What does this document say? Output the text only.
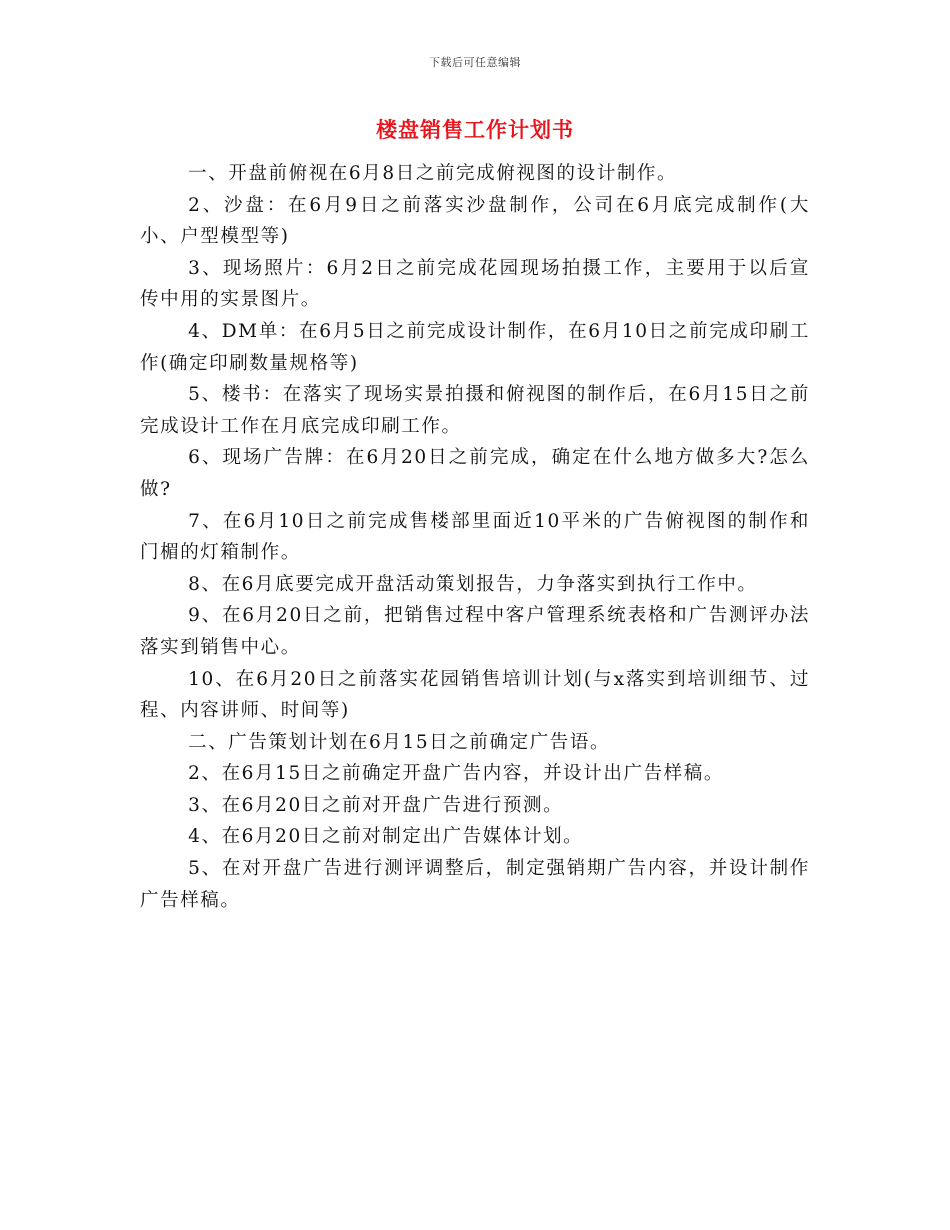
下载后可任意编辑
楼盘销售工作计划书

一、开盘前俯视在6月8日之前完成俯视图的设计制作。

2、沙盘：在6月9日之前落实沙盘制作，公司在6月底完成制作(大小、户型模型等)

3、现场照片：6月2日之前完成花园现场拍摄工作，主要用于以后宣传中用的实景图片。

4、DM单：在6月5日之前完成设计制作，在6月10日之前完成印刷工作(确定印刷数量规格等)

5、楼书：在落实了现场实景拍摄和俯视图的制作后，在6月15日之前完成设计工作在月底完成印刷工作。

6、现场广告牌：在6月20日之前完成，确定在什么地方做多大?怎么做?

7、在6月10日之前完成售楼部里面近10平米的广告俯视图的制作和门楣的灯箱制作。

8、在6月底要完成开盘活动策划报告，力争落实到执行工作中。

9、在6月20日之前，把销售过程中客户管理系统表格和广告测评办法落实到销售中心。

10、在6月20日之前落实花园销售培训计划(与x落实到培训细节、过程、内容讲师、时间等)

二、广告策划计划在6月15日之前确定广告语。

2、在6月15日之前确定开盘广告内容，并设计出广告样稿。

3、在6月20日之前对开盘广告进行预测。

4、在6月20日之前对制定出广告媒体计划。

5、在对开盘广告进行测评调整后，制定强销期广告内容，并设计制作广告样稿。
